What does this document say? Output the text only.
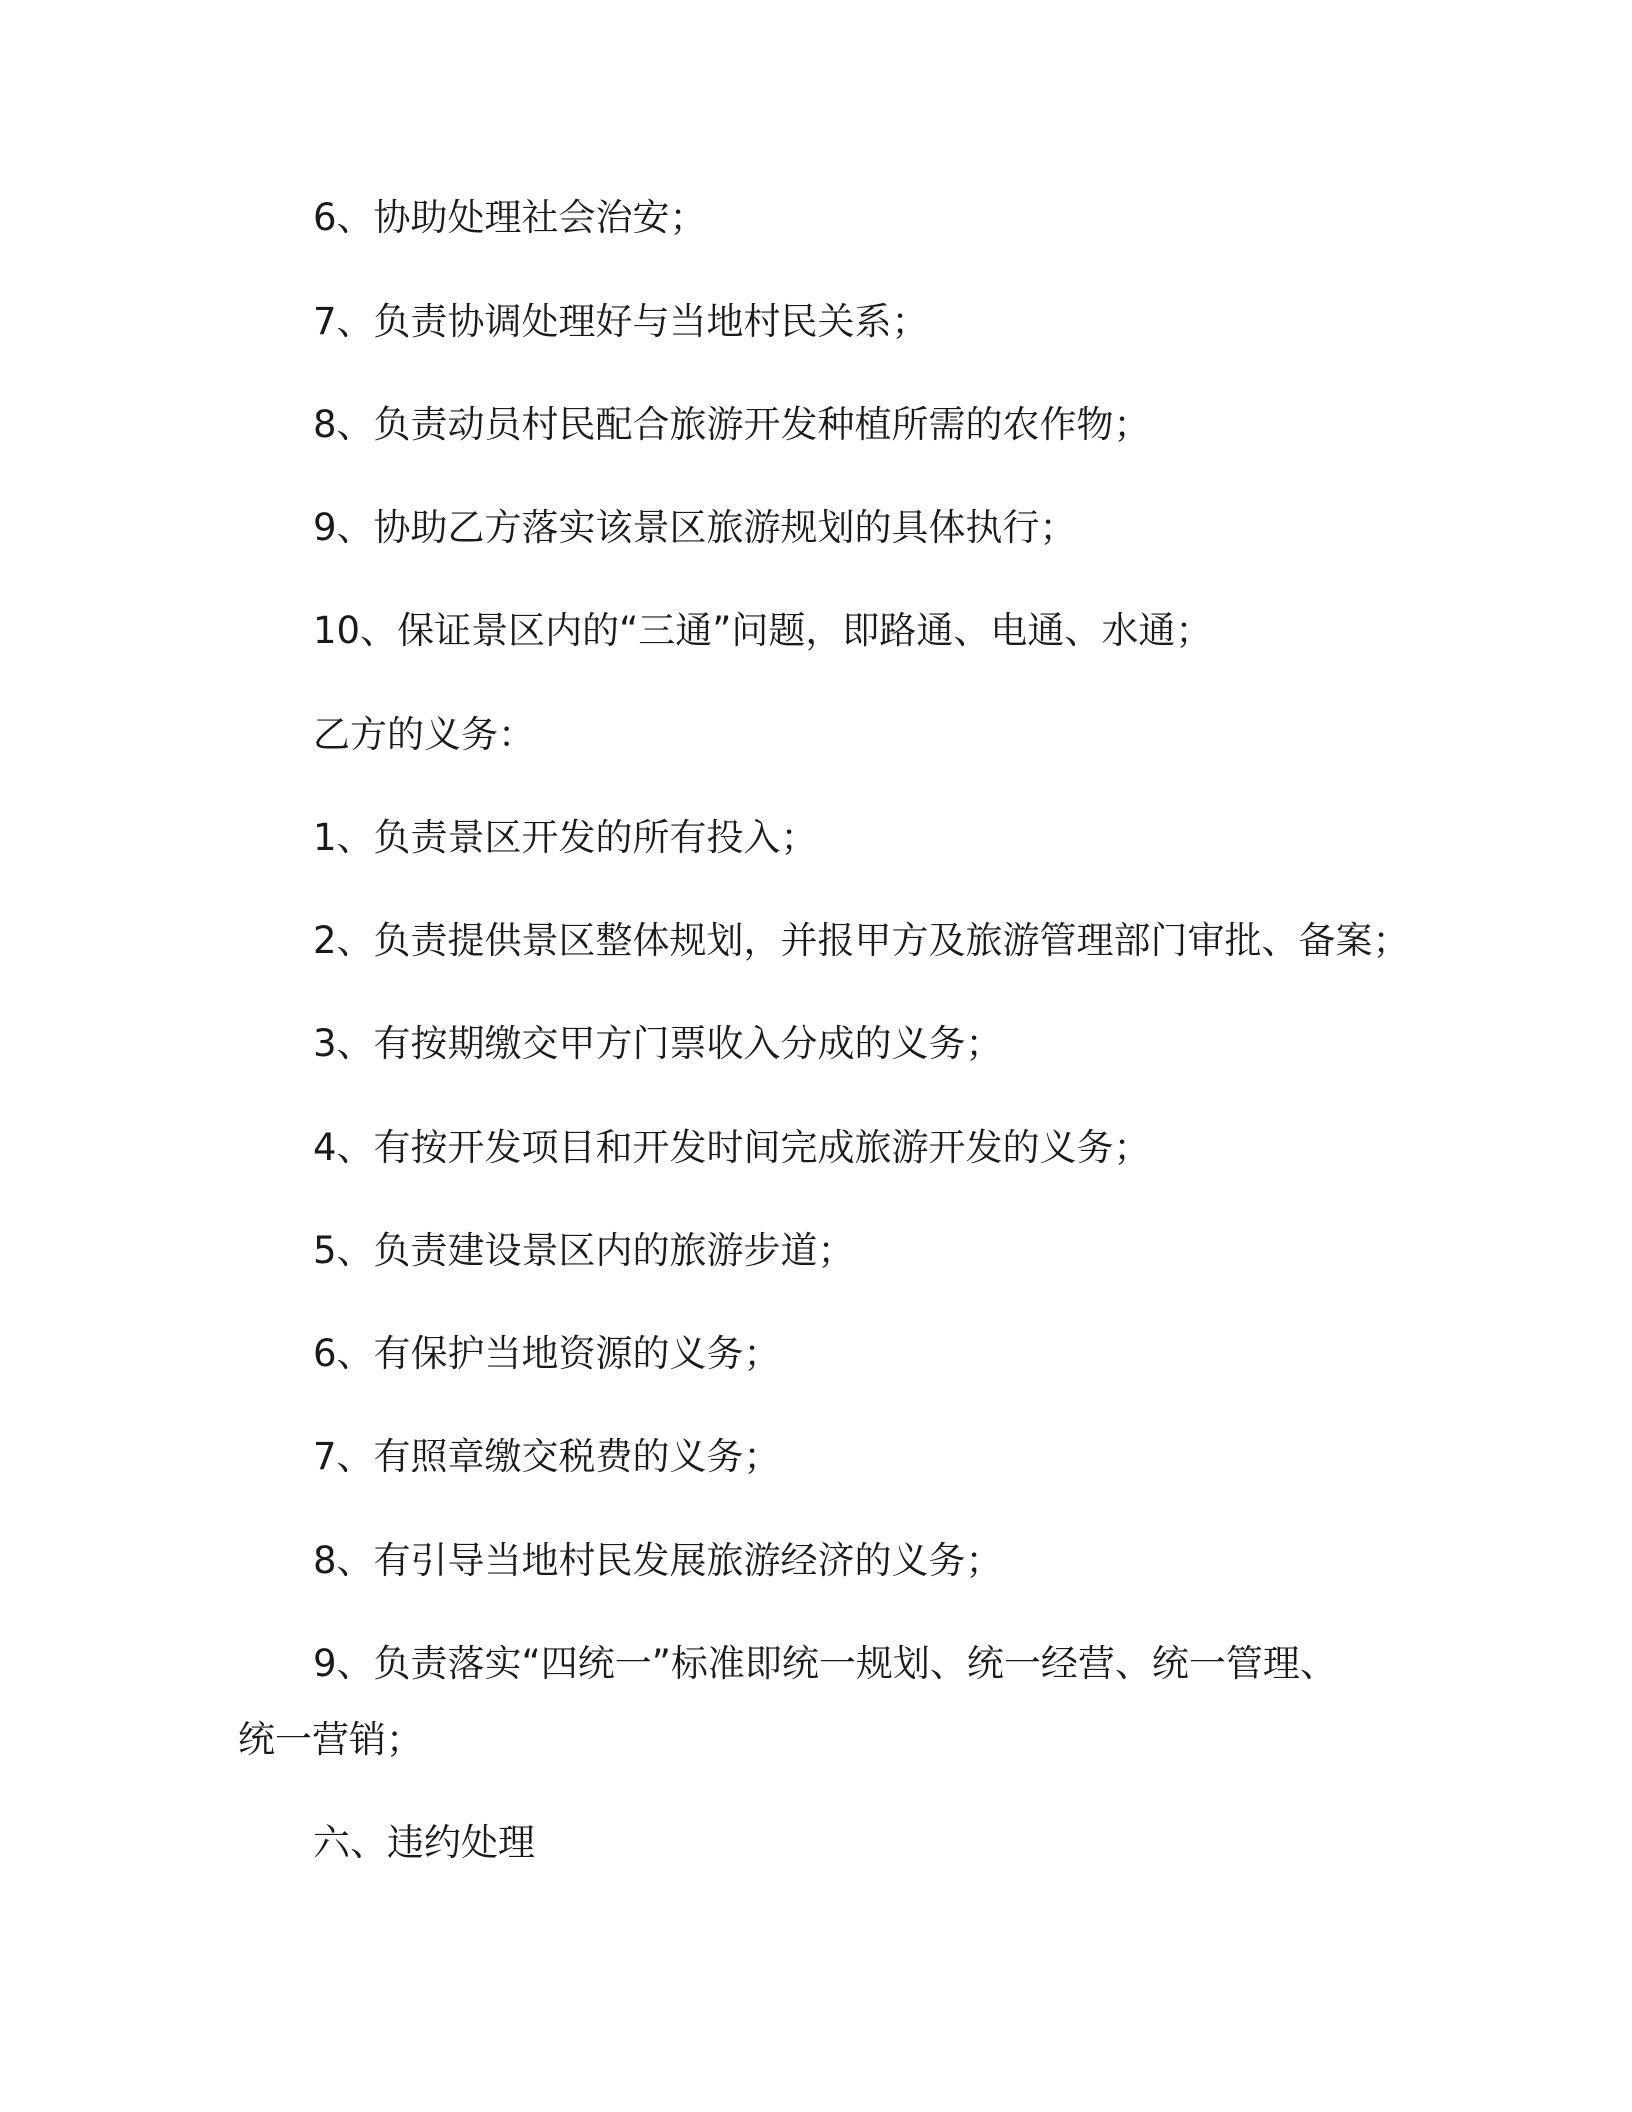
6、协助处理社会治安；

7、负责协调处理好与当地村民关系；

8、负责动员村民配合旅游开发种植所需的农作物；

9、协助乙方落实该景区旅游规划的具体执行；

10、保证景区内的“三通”问题，即路通、电通、水通；

乙方的义务：

1、负责景区开发的所有投入；

2、负责提供景区整体规划，并报甲方及旅游管理部门审批、备案；

3、有按期缴交甲方门票收入分成的义务；

4、有按开发项目和开发时间完成旅游开发的义务；

5、负责建设景区内的旅游步道；

6、有保护当地资源的义务；

7、有照章缴交税费的义务；

8、有引导当地村民发展旅游经济的义务；

9、负责落实“四统一”标准即统一规划、统一经营、统一管理、

统一营销；

六、违约处理
